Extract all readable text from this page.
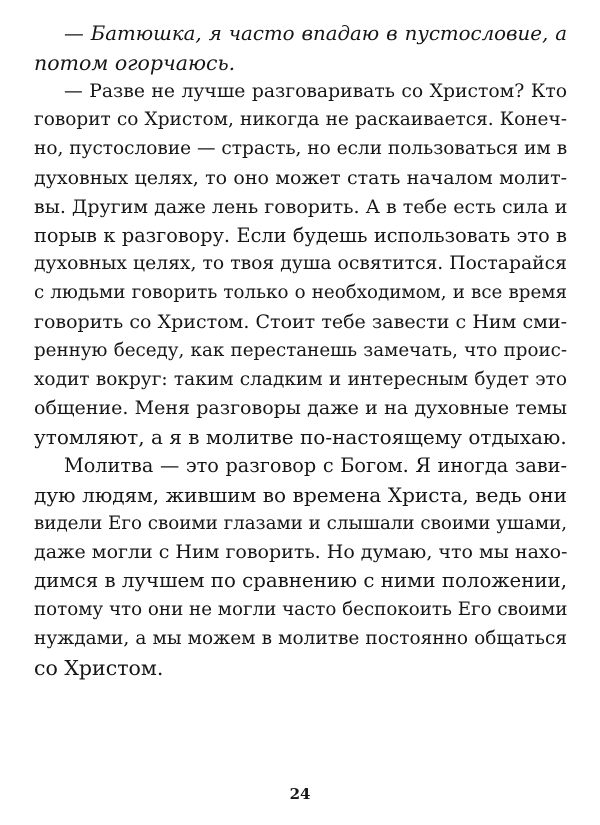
— Батюшка, я часто впадаю в пустословие, а
потом огорчаюсь.
— Разве не лучше разговаривать со Христом? Кто
говорит со Христом, никогда не раскаивается. Конеч-
но, пустословие — страсть, но если пользоваться им в
духовных целях, то оно может стать началом молит-
вы. Другим даже лень говорить. А в тебе есть сила и
порыв к разговору. Если будешь использовать это в
духовных целях, то твоя душа освятится. Постарайся
с людьми говорить только о необходимом, и все время
говорить со Христом. Стоит тебе завести с Ним сми-
ренную беседу, как перестанешь замечать, что проис-
ходит вокруг: таким сладким и интересным будет это
общение. Меня разговоры даже и на духовные темы
утомляют, а я в молитве по-настоящему отдыхаю.
Молитва — это разговор с Богом. Я иногда зави-
дую людям, жившим во времена Христа, ведь они
видели Его своими глазами и слышали своими ушами,
даже могли с Ним говорить. Но думаю, что мы нахо-
димся в лучшем по сравнению с ними положении,
потому что они не могли часто беспокоить Его своими
нуждами, а мы можем в молитве постоянно общаться
со Христом.
24
